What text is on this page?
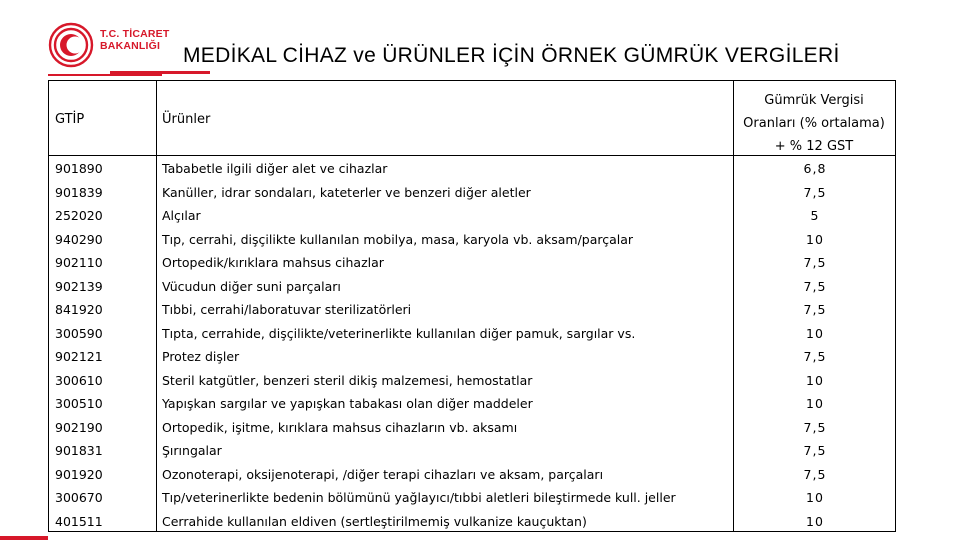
T.C. TİCARET
BAKANLIĞI	MEDİKAL CİHAZ ve ÜRÜNLER İÇİN ÖRNEK GÜMRÜK VERGİLERİ
GTİP	Ürünler
Gümrük Vergisi
Oranları (% ortalama)
+ % 12 GST
901890	Tababetle ilgili diğer alet ve cihazlar	6,8
901839	Kanüller, idrar sondaları, kateterler ve benzeri diğer aletler	7,5
252020	Alçılar	5
940290	Tıp, cerrahi, dişçilikte kullanılan mobilya, masa, karyola vb. aksam/parçalar	10
902110	Ortopedik/kırıklara mahsus cihazlar	7,5
902139	Vücudun diğer suni parçaları	7,5
841920	Tıbbi, cerrahi/laboratuvar sterilizatörleri	7,5
300590	Tıpta, cerrahide, dişçilikte/veterinerlikte kullanılan diğer pamuk, sargılar vs.	10
902121	Protez dişler	7,5
300610	Steril katgütler, benzeri steril dikiş malzemesi, hemostatlar	10
300510	Yapışkan sargılar ve yapışkan tabakası olan diğer maddeler	10
902190	Ortopedik, işitme, kırıklara mahsus cihazların vb. aksamı	7,5
901831	Şırıngalar	7,5
901920	Ozonoterapi, oksijenoterapi, /diğer terapi cihazları ve aksam, parçaları	7,5
300670	Tıp/veterinerlikte bedenin bölümünü yağlayıcı/tıbbi aletleri bileştirmede kull. jeller	10
401511	Cerrahide kullanılan eldiven (sertleştirilmemiş vulkanize kauçuktan)	10
